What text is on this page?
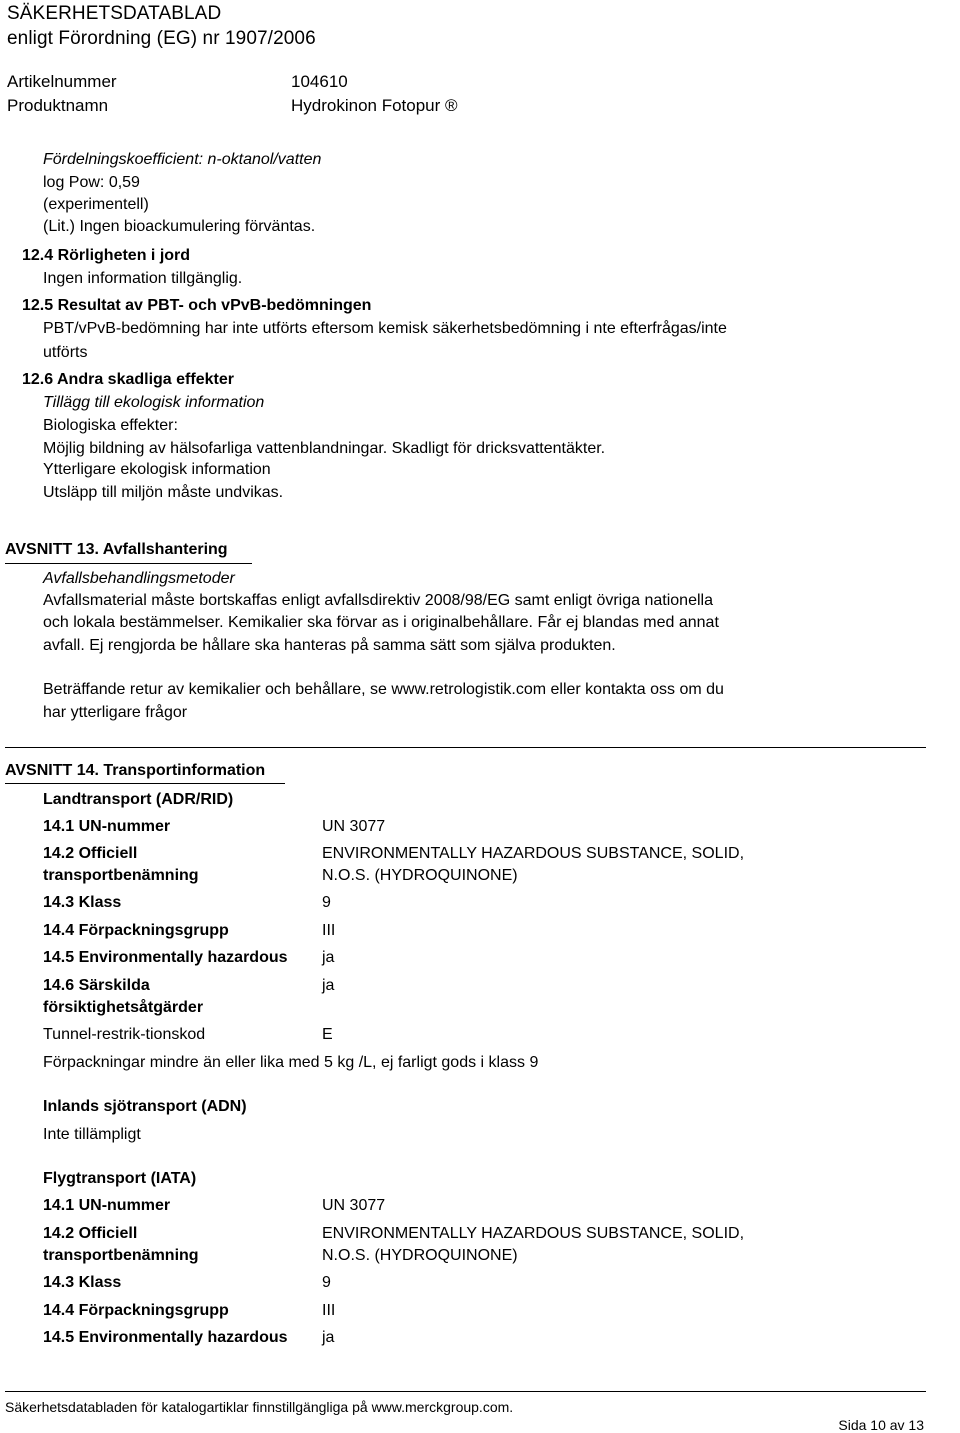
SÄKERHETSDATABLAD
enligt Förordning (EG) nr 1907/2006
Artikelnummer	104610
Produktnamn	Hydrokinon Fotopur ®
Fördelningskoefficient: n-oktanol/vatten
log Pow: 0,59
(experimentell)
(Lit.) Ingen bioackumulering förväntas.
12.4 Rörligheten i jord
Ingen information tillgänglig.
12.5 Resultat av PBT- och vPvB-bedömningen
PBT/vPvB-bedömning har inte utförts eftersom kemisk säkerhetsbedömning i nte efterfrågas/inte
utförts
12.6 Andra skadliga effekter
Tillägg till ekologisk information
Biologiska effekter:
Möjlig bildning av hälsofarliga vattenblandningar. Skadligt för dricksvattentäkter.
Ytterligare ekologisk information
Utsläpp till miljön måste undvikas.
AVSNITT 13. Avfallshantering
Avfallsbehandlingsmetoder
Avfallsmaterial måste bortskaffas enligt avfallsdirektiv 2008/98/EG samt enligt övriga nationella
och lokala bestämmelser. Kemikalier ska förvar as i originalbehållare. Får ej blandas med annat
avfall. Ej rengjorda be hållare ska hanteras på samma sätt som själva produkten.
Beträffande retur av kemikalier och behållare, se www.retrologistik.com eller kontakta oss om du
har ytterligare frågor
AVSNITT 14. Transportinformation
Landtransport (ADR/RID)
14.1 UN-nummer	UN 3077
14.2 Officiell
transportbenämning
ENVIRONMENTALLY HAZARDOUS SUBSTANCE, SOLID,
N.O.S. (HYDROQUINONE)
14.3 Klass	9
14.4 Förpackningsgrupp	III
14.5 Environmentally hazardous ja
14.6 Särskilda
försiktighetsåtgärder
ja
Tunnel-restrik-tionskod	E
Förpackningar mindre än eller lika med 5 kg /L, ej farligt gods i klass 9
Inlands sjötransport (ADN)
Inte tillämpligt
Flygtransport (IATA)
14.1 UN-nummer	UN 3077
14.2 Officiell
transportbenämning
ENVIRONMENTALLY HAZARDOUS SUBSTANCE, SOLID,
N.O.S. (HYDROQUINONE)
14.3 Klass	9
14.4 Förpackningsgrupp	III
14.5 Environmentally hazardous ja
Säkerhetsdatabladen för katalogartiklar finnstillgängliga på www.merckgroup.com.
Sida 10 av 13
